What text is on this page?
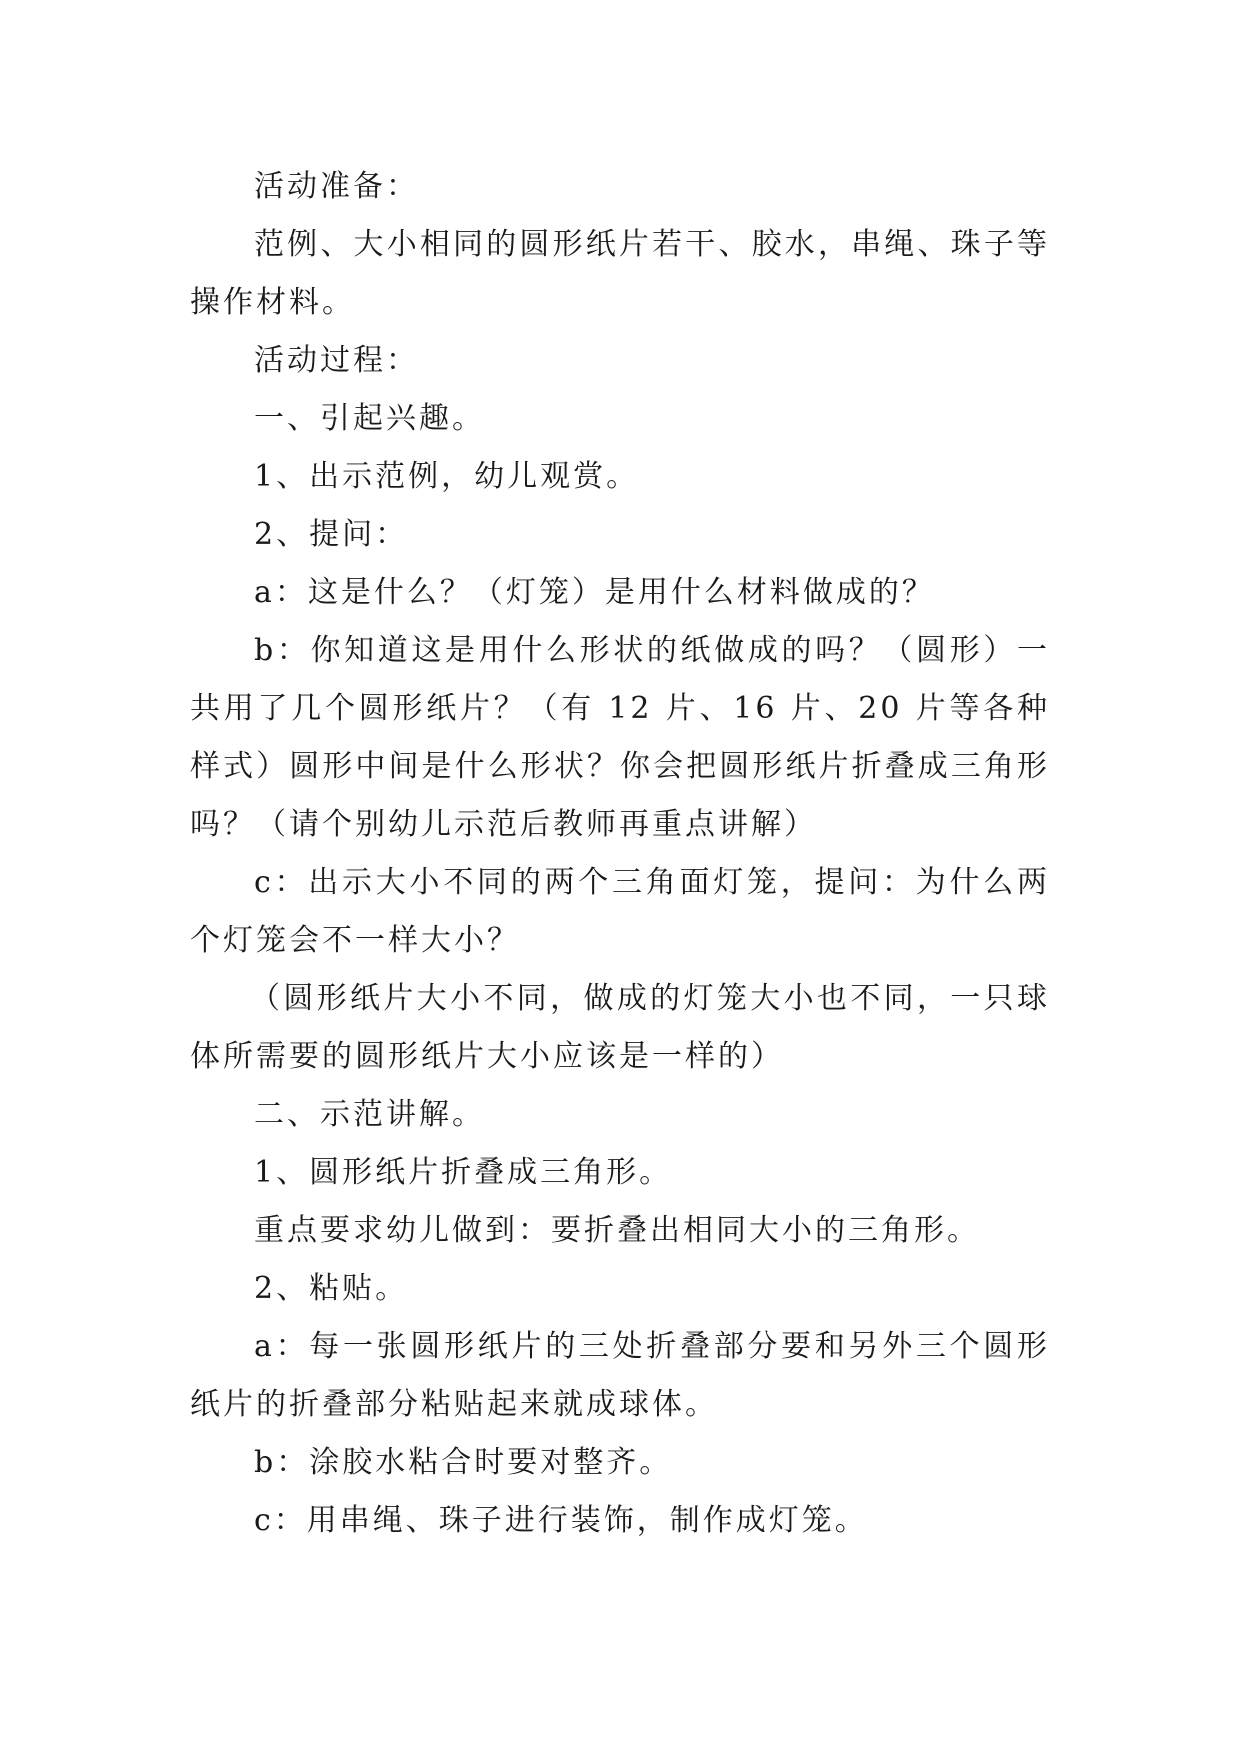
活动准备：

范例、大小相同的圆形纸片若干、胶水，串绳、珠子等操作材料。

活动过程：

一、引起兴趣。

1、出示范例，幼儿观赏。

2、提问：

a：这是什么？（灯笼）是用什么材料做成的？

b：你知道这是用什么形状的纸做成的吗？（圆形）一共用了几个圆形纸片？（有 12 片、16 片、20 片等各种样式）圆形中间是什么形状？你会把圆形纸片折叠成三角形吗？（请个别幼儿示范后教师再重点讲解）

c：出示大小不同的两个三角面灯笼，提问：为什么两个灯笼会不一样大小？

（圆形纸片大小不同，做成的灯笼大小也不同，一只球体所需要的圆形纸片大小应该是一样的）

二、示范讲解。

1、圆形纸片折叠成三角形。

重点要求幼儿做到：要折叠出相同大小的三角形。

2、粘贴。

a：每一张圆形纸片的三处折叠部分要和另外三个圆形纸片的折叠部分粘贴起来就成球体。

b：涂胶水粘合时要对整齐。

c：用串绳、珠子进行装饰，制作成灯笼。
